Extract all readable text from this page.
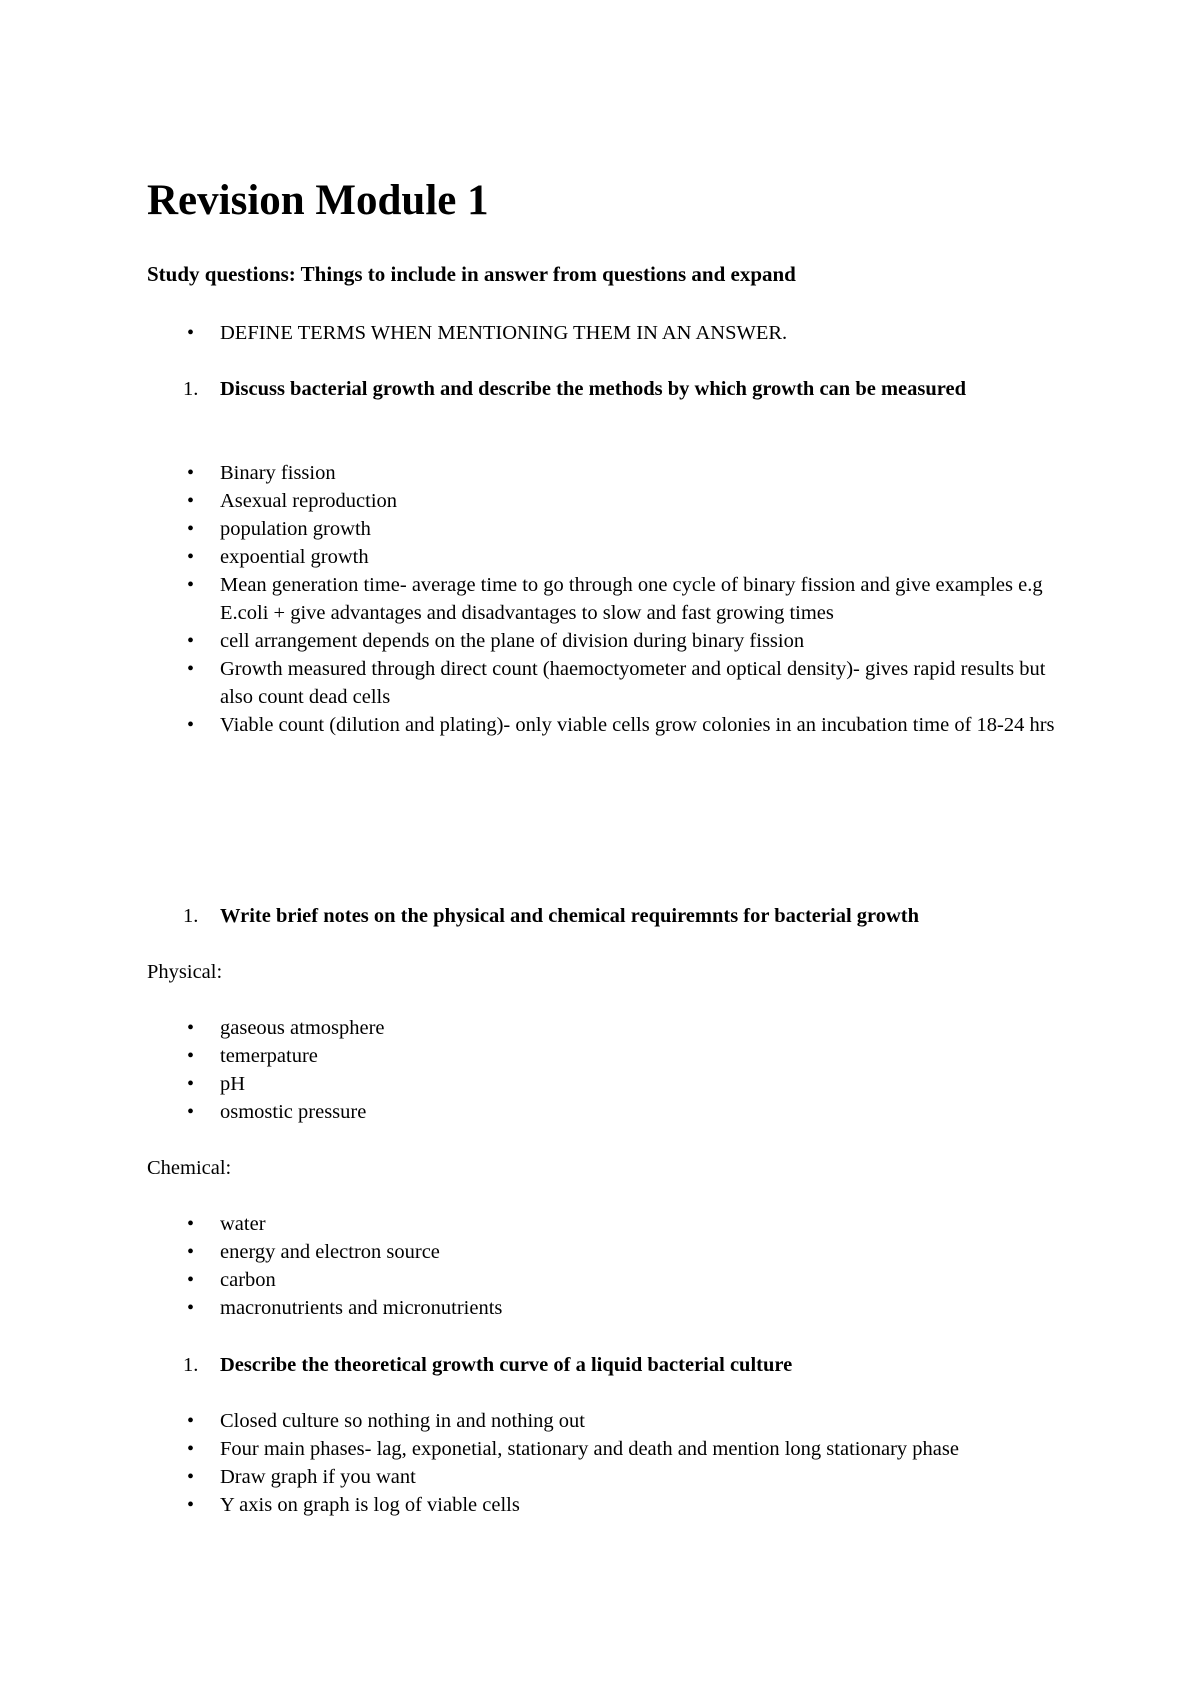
Revision Module 1

Study questions: Things to include in answer from questions and expand

• DEFINE TERMS WHEN MENTIONING THEM IN AN ANSWER.

1. Discuss bacterial growth and describe the methods by which growth can be measured

• Binary fission
• Asexual reproduction
• population growth
• expoential growth
• Mean generation time- average time to go through one cycle of binary fission and give examples e.g E.coli + give advantages and disadvantages to slow and fast growing times
• cell arrangement depends on the plane of division during binary fission
• Growth measured through direct count (haemoctyometer and optical density)- gives rapid results but also count dead cells
• Viable count (dilution and plating)- only viable cells grow colonies in an incubation time of 18-24 hrs

1. Write brief notes on the physical and chemical requiremnts for bacterial growth

Physical:

• gaseous atmosphere
• temerpature
• pH
• osmostic pressure

Chemical:

• water
• energy and electron source
• carbon
• macronutrients and micronutrients

1. Describe the theoretical growth curve of a liquid bacterial culture

• Closed culture so nothing in and nothing out
• Four main phases- lag, exponetial, stationary and death and mention long stationary phase
• Draw graph if you want
• Y axis on graph is log of viable cells
